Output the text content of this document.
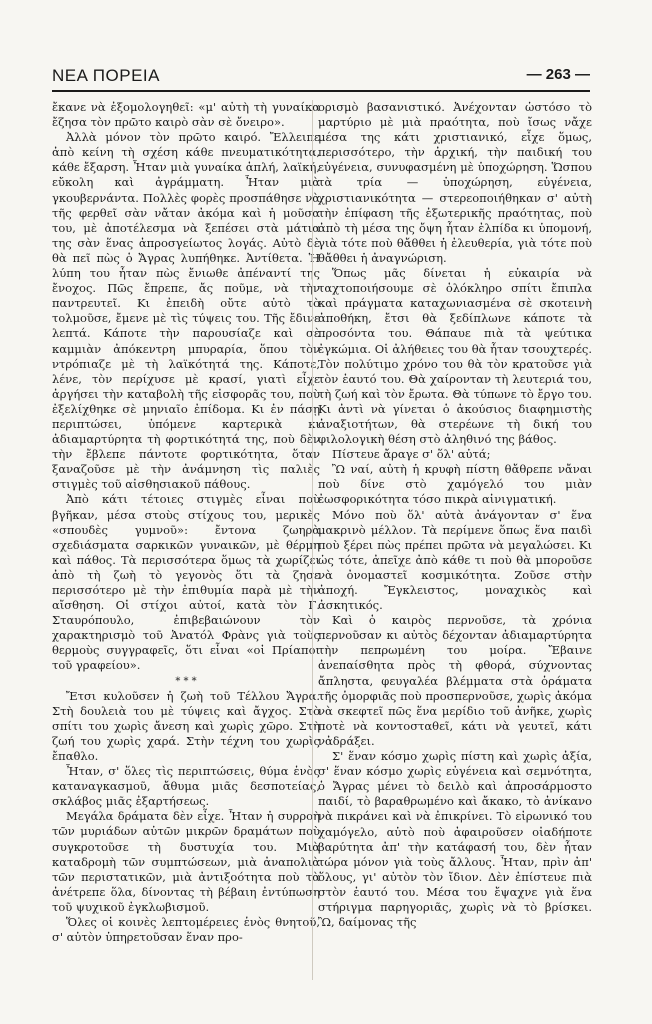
ΝΕΑ ΠΟΡΕΙΑ	— 263 —

ἔκανε νὰ ἐξομολογηθεῖ: «μ' αὐτὴ τὴ γυναίκα ἔζησα τὸν πρῶτο καιρὸ σὰν σὲ ὄνειρο».

Ἀλλὰ μόνον τὸν πρῶτο καιρό. Ἔλλειπε ἀπὸ κείνη τὴ σχέση κάθε πνευματικότητα, κάθε ἔξαρση. Ἦταν μιὰ γυναίκα ἁπλή, λαϊκή, εὔκολη καὶ ἀγράμματη. Ἦταν μιὰ γκουβερνάντα. Πολλὲς φορὲς προσπάθησε νὰ τῆς φερθεῖ σὰν νἄταν ἀκόμα καὶ ἡ μοῦσα του, μὲ ἀποτέλεσμα νὰ ξεπέσει στὰ μάτια της σὰν ἕνας ἀπροσγείωτος λογάς. Αὐτὸ δὲ θὰ πεῖ πὼς ὁ Ἄγρας λυπήθηκε. Ἀντίθετα. Ἡ λύπη του ἦταν πὼς ἔνιωθε ἀπέναντί της ἔνοχος. Πῶς ἔπρεπε, ἄς ποῦμε, νὰ τὴν παντρευτεῖ. Κι ἐπειδὴ οὔτε αὐτὸ τὸ τολμοῦσε, ἔμενε μὲ τὶς τύψεις του. Τῆς ἔδινε λεπτά. Κάποτε τὴν παρουσίαζε καὶ σὲ καμμιὰν ἀπόκεντρη μπυραρία, ὅπου τὸν ντρόπιαζε μὲ τὴ λαϊκότητά της. Κάποτε, λένε, τὸν περίχυσε μὲ κρασί, γιατὶ εἶχε ἀργήσει τὴν καταβολὴ τῆς εἰσφορᾶς του, ποὺ ἐξελίχθηκε σὲ μηνιαῖο ἐπίδομα. Κι ἐν πάσῃ περιπτώσει, ὑπόμενε καρτερικὰ κι ἀδιαμαρτύρητα τὴ φορτικότητά της, ποὺ δὲν τὴν ἔβλεπε πάντοτε φορτικότητα, ὅταν ξαναζοῦσε μὲ τὴν ἀνάμνηση τὶς παλιὲς στιγμὲς τοῦ αἰσθησιακοῦ πάθους.

Ἀπὸ κάτι τέτοιες στιγμὲς εἶναι ποὺ βγῆκαν, μέσα στοὺς στίχους του, μερικὲς «σπουδὲς γυμνοῦ»: ἔντονα ζωηρὰ σχεδιάσματα σαρκικῶν γυναικῶν, μὲ θέρμη καὶ πάθος. Τὰ περισσότερα ὅμως τὰ χωρίζει ἀπὸ τὴ ζωὴ τὸ γεγονὸς ὅτι τὰ ζησε περισσότερο μὲ τὴν ἐπιθυμία παρὰ μὲ τὴν αἴσθηση. Οἱ στίχοι αὐτοί, κατὰ τὸν Γ. Σταυρόπουλο, ἐπιβεβαιώνουν τὸν χαρακτηρισμὸ τοῦ Ἀνατόλ Φρὰνς γιὰ τοὺς θερμοὺς συγγραφεῖς, ὅτι εἶναι «οἱ Πρίαποι τοῦ γραφείου».

* * *

Ἔτσι κυλοῦσεν ἡ ζωὴ τοῦ Τέλλου Ἄγρα. Στὴ δουλειὰ του μὲ τύψεις καὶ ἄγχος. Στὸ σπίτι του χωρὶς ἄνεση καὶ χωρὶς χῶρο. Στὴ ζωή του χωρὶς χαρά. Στὴν τέχνη του χωρὶς ἔπαθλο.

Ἦταν, σ' ὅλες τὶς περιπτώσεις, θύμα ἑνὸς καταναγκασμοῦ, ἄθυμα μιᾶς δεσποτείας, σκλάβος μιᾶς ἐξαρτήσεως.

Μεγάλα δράματα δὲν εἶχε. Ἦταν ἡ συρροὴ τῶν μυριάδων αὐτῶν μικρῶν δραμάτων ποὺ συγκροτοῦσε τὴ δυστυχία του. Μιὰ καταδρομὴ τῶν συμπτώσεων, μιὰ ἀναπολιὰ τῶν περιστατικῶν, μιὰ ἀντιξοότητα ποὺ τὰ ἀνέτρεπε ὅλα, δίνοντας τὴ βέβαιη ἐντύπωση τοῦ ψυχικοῦ ἐγκλωβισμοῦ.

Ὅλες οἱ κοινὲς λεπτομέρειες ἑνὸς θνητοῦ, σ' αὐτὸν ὑπηρετοῦσαν ἕναν προ-

ορισμὸ βασανιστικό. Ἀνέχονταν ὡστόσο τὸ μαρτύριο μὲ μιὰ πραότητα, ποὺ ἴσως νἄχε μέσα της κάτι χριστιανικό, εἶχε ὅμως, περισσότερο, τὴν ἀρχική, τὴν παιδική του εὐγένεια, συνυφασμένη μὲ ὑποχώρηση. Ὥσπου τὰ τρία — ὑποχώρηση, εὐγένεια, χριστιανικότητα — στερεοποιήθηκαν σ' αὐτὴ τὴν ἐπίφαση τῆς ἐξωτερικῆς πραότητας, ποὺ ἀπὸ τὴ μέσα της ὄψη ἦταν ἐλπίδα κι ὑπομονή, γιὰ τότε ποὺ θἄθθει ἡ ἐλευθερία, γιὰ τότε ποὺ θἄθθει ἡ ἀναγνώριση.

Ὅπως μᾶς δίνεται ἡ εὐκαιρία νὰ ταχτοποιήσουμε σὲ ὁλόκληρο σπίτι ἔπιπλα καὶ πράγματα καταχωνιασμένα σὲ σκοτεινὴ ἀποθήκη, ἔτσι θὰ ξεδίπλωνε κάποτε τὰ προσόντα του. Θάπαυε πιὰ τὰ ψεύτικα ἐγκώμια. Οἱ ἀλήθειες του θὰ ἦταν τσουχτερές. Τὸν πολύτιμο χρόνο του θὰ τὸν κρατοῦσε γιὰ τὸν ἑαυτό του. Θὰ χαίρονταν τὴ λευτεριά του, τὴ ζωή καὶ τὸν ἔρωτα. Θὰ τύπωνε τὸ ἔργο του. Κι ἀντὶ νὰ γίνεται ὁ ἀκούσιος διαφημιστὴς ἀναξιοτήτων, θὰ στερέωνε τὴ δική του φιλολογικὴ θέση στὸ ἀληθινό της βάθος.

Πίστευε ἄραγε σ' ὅλ' αὐτά;

Ὢ ναί, αὐτὴ ἡ κρυφὴ πίστη θἄθρεπε νἄναι ποὺ δίνε στὸ χαμόγελό του μιὰν ἐωσφορικότητα τόσο πικρὰ αἰνιγματική.

Μόνο ποὺ ὅλ' αὐτὰ ἀνάγονταν σ' ἕνα μακρινὸ μέλλον. Τὰ περίμενε ὅπως ἕνα παιδὶ ποὺ ξέρει πὼς πρέπει πρῶτα νὰ μεγαλώσει. Κι ὡς τότε, ἀπεῖχε ἀπὸ κάθε τι ποὺ θὰ μποροῦσε νὰ ὀνομαστεῖ κοσμικότητα. Ζοῦσε στὴν ἀποχή. Ἔγκλειστος, μοναχικὸς καὶ ἀσκητικός.

Καὶ ὁ καιρὸς περνοῦσε, τὰ χρόνια περνοῦσαν κι αὐτὸς δέχονταν ἀδιαμαρτύρητα τὴν πεπρωμένη του μοίρα. Ἔβαινε ἀνεπαίσθητα πρὸς τὴ φθορά, σύχνοντας ἄπληστα, φευγαλέα βλέμματα στὰ ὁράματα τῆς ὁμορφιᾶς ποὺ προσπερνοῦσε, χωρὶς ἀκόμα νὰ σκεφτεῖ πῶς ἕνα μερίδιο τοῦ ἀνῆκε, χωρὶς ποτὲ νὰ κοντοσταθεῖ, κάτι νὰ γευτεῖ, κάτι νἀδράξει.

Σ' ἕναν κόσμο χωρὶς πίστη καὶ χωρὶς ἀξία, σ' ἕναν κόσμο χωρὶς εὐγένεια καὶ σεμνότητα, ὁ Ἄγρας μένει τὸ δειλὸ καὶ ἀπροσάρμοστο παιδί, τὸ βαραθρωμένο καὶ ἄκακο, τὸ ἀνίκανο νὰ πικράνει καὶ νὰ ἐπικρίνει. Τὸ εἰρωνικό του χαμόγελο, αὐτὸ ποὺ ἀφαιροῦσεν οἰαδήποτε βαρύτητα ἀπ' τὴν κατάφασή του, δὲν ἦταν τώρα μόνον γιὰ τοὺς ἄλλους. Ἦταν, πρὶν ἀπ' ὅλους, γι' αὐτὸν τὸν ἴδιον. Δὲν ἐπίστευε πιὰ στὸν ἑαυτό του. Μέσα του ἔψαχνε γιὰ ἕνα στήριγμα παρηγοριᾶς, χωρὶς νὰ τὸ βρίσκει. Ὢ, δαίμονας τῆς
